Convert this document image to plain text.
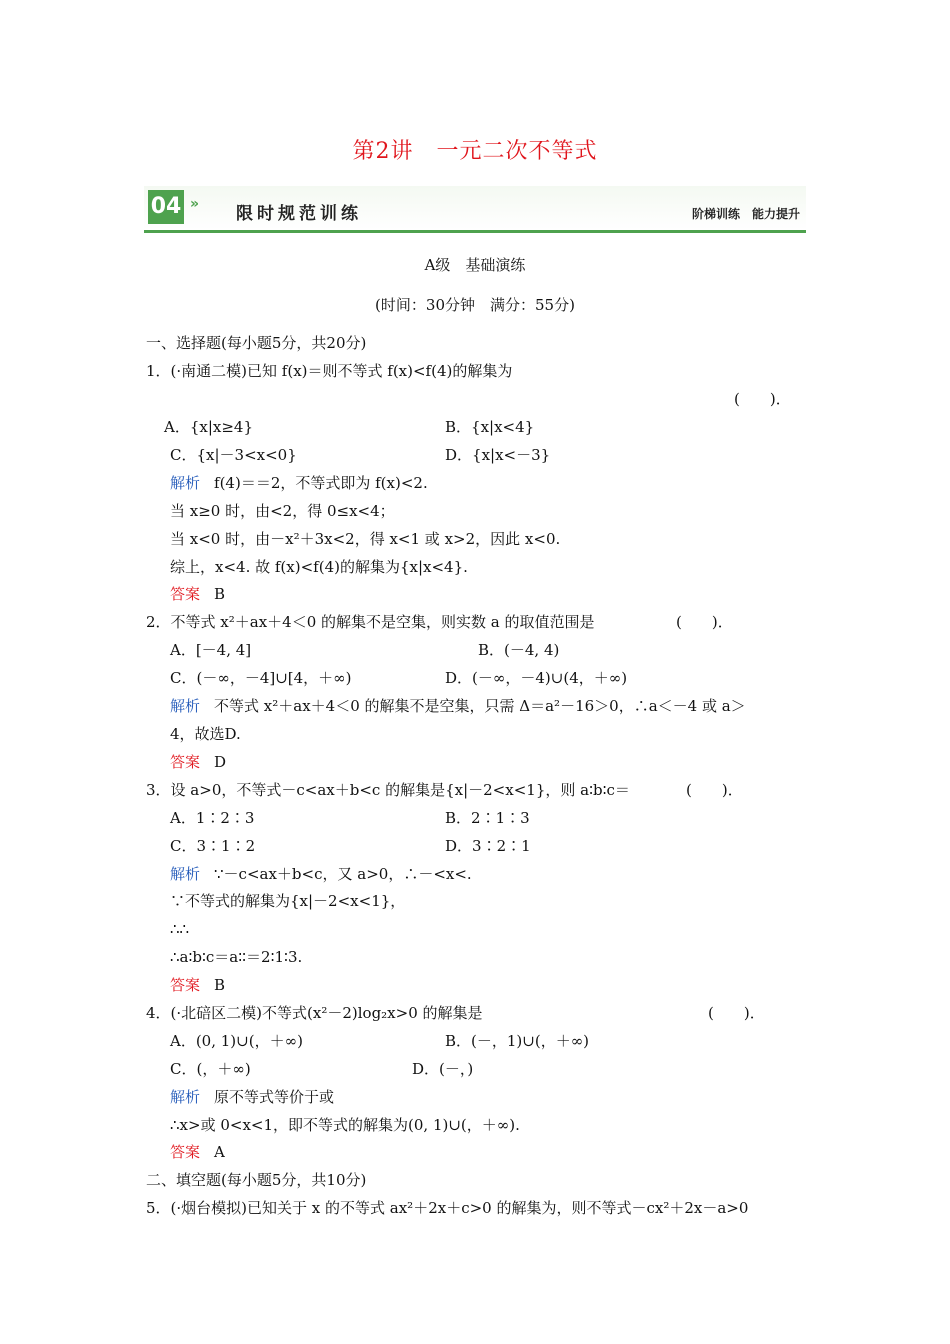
第2讲　一元二次不等式
04 » 限时规范训练	阶梯训练　能力提升
A级　基础演练
(时间：30分钟　满分：55分)
一、选择题(每小题5分，共20分)
1．(·南通二模)已知 f(x)＝则不等式 f(x)<f(4)的解集为
(　　)．
A．{x|x≥4}	B．{x|x<4}
C．{x|－3<x<0}	D．{x|x<－3}
解析 f(4)＝＝2，不等式即为 f(x)<2.
当 x≥0 时，由<2，得 0≤x<4；
当 x<0 时，由－x²＋3x<2，得 x<1 或 x>2，因此 x<0.
综上，x<4. 故 f(x)<f(4)的解集为{x|x<4}.
答案 B
2．不等式 x²＋ax＋4＜0 的解集不是空集，则实数 a 的取值范围是	(　　)．
A．[－4, 4]	B．(－4, 4)
C．(－∞，－4]∪[4，＋∞)	D．(－∞，－4)∪(4，＋∞)
解析 不等式 x²＋ax＋4＜0 的解集不是空集，只需 Δ＝a²－16＞0，∴a＜－4 或 a＞
4，故选D.
答案 D
3．设 a>0，不等式－c<ax＋b<c 的解集是{x|－2<x<1}，则 a∶b∶c＝	(　　)．
A．1∶2∶3	B．2∶1∶3
C．3∶1∶2	D．3∶2∶1
解析 ∵－c<ax＋b<c，又 a>0，∴－<x<.
∵不等式的解集为{x|－2<x<1}，
∴∴
∴a∶b∶c＝a∶∶＝2∶1∶3.
答案 B
4．(·北碚区二模)不等式(x²－2)log₂x>0 的解集是	(　　)．
A．(0, 1)∪(，＋∞)	B．(－，1)∪(，＋∞)
C．(，＋∞)	D．(－，)
解析 原不等式等价于或
∴x>或 0<x<1，即不等式的解集为(0, 1)∪(，＋∞).
答案 A
二、填空题(每小题5分，共10分)
5．(·烟台模拟)已知关于 x 的不等式 ax²＋2x＋c>0 的解集为，则不等式－cx²＋2x－a>0
